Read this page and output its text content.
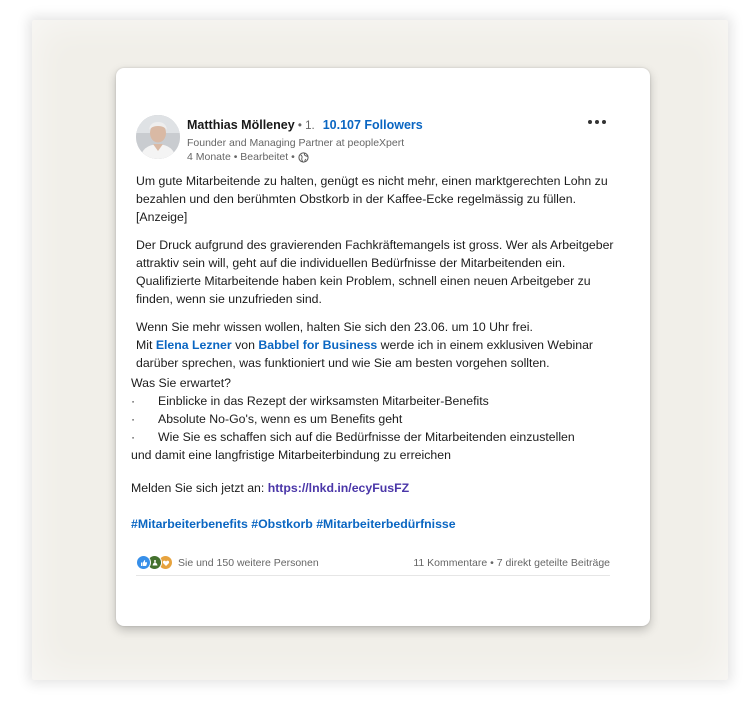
Matthias Mölleney • 1. 10.107 Followers
Founder and Managing Partner at peopleXpert
4 Monate • Bearbeitet •

Um gute Mitarbeitende zu halten, genügt es nicht mehr, einen marktgerechten Lohn zu bezahlen und den berühmten Obstkorb in der Kaffee-Ecke regelmässig zu füllen. [Anzeige]

Der Druck aufgrund des gravierenden Fachkräftemangels ist gross. Wer als Arbeitgeber attraktiv sein will, geht auf die individuellen Bedürfnisse der Mitarbeitenden ein. Qualifizierte Mitarbeitende haben kein Problem, schnell einen neuen Arbeitgeber zu finden, wenn sie unzufrieden sind.

Wenn Sie mehr wissen wollen, halten Sie sich den 23.06. um 10 Uhr frei.
Mit Elena Lezner von Babbel for Business werde ich in einem exklusiven Webinar darüber sprechen, was funktioniert und wie Sie am besten vorgehen sollten.

Was Sie erwartet?
· Einblicke in das Rezept der wirksamsten Mitarbeiter-Benefits
· Absolute No-Go's, wenn es um Benefits geht
· Wie Sie es schaffen sich auf die Bedürfnisse der Mitarbeitenden einzustellen
und damit eine langfristige Mitarbeiterbindung zu erreichen
Melden Sie sich jetzt an: https://lnkd.in/ecyFusFZ
#Mitarbeiterbenefits #Obstkorb #Mitarbeiterbedürfnisse
Sie und 150 weitere Personen	11 Kommentare • 7 direkt geteilte Beiträge
